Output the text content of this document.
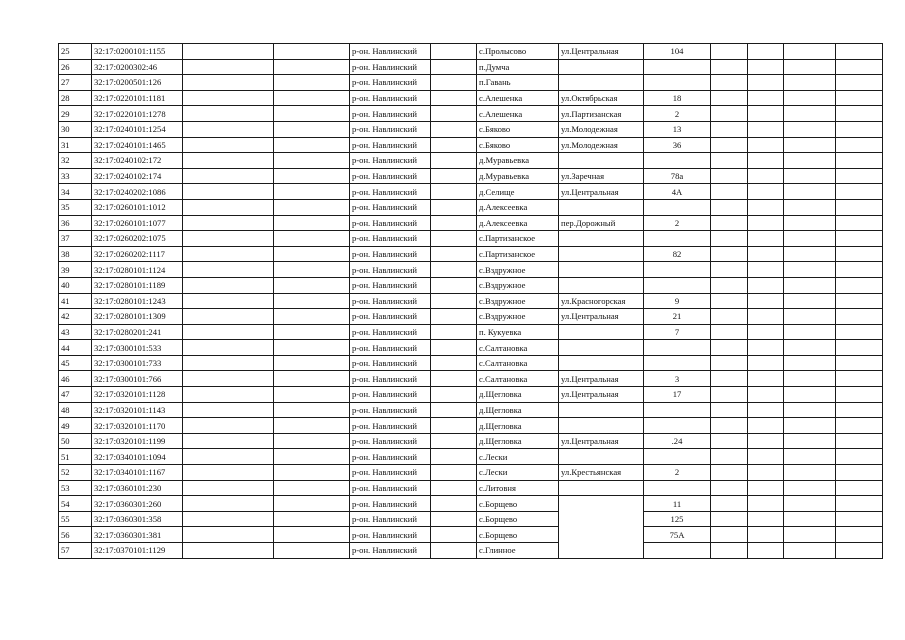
25	32:17:0200101:1155			р-он. Навлинский		с.Пролысово	ул.Центральная	104				
26	32:17:0200302:46			р-он. Навлинский		п.Думча						
27	32:17:0200501:126			р-он. Навлинский		п.Гавань						
28	32:17:0220101:1181			р-он. Навлинский		с.Алешенка	ул.Октябрьская	18				
29	32:17:0220101:1278			р-он. Навлинский		с.Алешенка	ул.Партизанская	2				
30	32:17:0240101:1254			р-он. Навлинский		с.Бяково	ул.Молодежная	13				
31	32:17:0240101:1465			р-он. Навлинский		с.Бяково	ул.Молодежная	36				
32	32:17:0240102:172			р-он. Навлинский		д.Муравьевка						
33	32:17:0240102:174			р-он. Навлинский		д.Муравьевка	ул.Заречная	78а				
34	32:17:0240202:1086			р-он. Навлинский		д.Селище	ул.Центральная	4А				
35	32:17:0260101:1012			р-он. Навлинский		д.Алексеевка						
36	32:17:0260101:1077			р-он. Навлинский		д.Алексеевка	пер.Дорожный	2				
37	32:17:0260202:1075			р-он. Навлинский		с.Партизанское						
38	32:17:0260202:1117			р-он. Навлинский		с.Партизанское		82				
39	32:17:0280101:1124			р-он. Навлинский		с.Вздружное						
40	32:17:0280101:1189			р-он. Навлинский		с.Вздружное						
41	32:17:0280101:1243			р-он. Навлинский		с.Вздружное	ул.Красногорская	9				
42	32:17:0280101:1309			р-он. Навлинский		с.Вздружное	ул.Центральная	21				
43	32:17:0280201:241			р-он. Навлинский		п. Кукуевка		7				
44	32:17:0300101:533			р-он. Навлинский		с.Салтановка						
45	32:17:0300101:733			р-он. Навлинский		с.Салтановка						
46	32:17:0300101:766			р-он. Навлинский		с.Салтановка	ул.Центральная	3				
47	32:17:0320101:1128			р-он. Навлинский		д.Щегловка	ул.Центральная	17				
48	32:17:0320101:1143			р-он. Навлинский		д.Щегловка						
49	32:17:0320101:1170			р-он. Навлинский		д.Щегловка						
50	32:17:0320101:1199			р-он. Навлинский		д.Щегловка	ул.Центральная	.24				
51	32:17:0340101:1094			р-он. Навлинский		с.Лески						
52	32:17:0340101:1167			р-он. Навлинский		с.Лески	ул.Крестьянская	2				
53	32:17:0360101:230			р-он. Навлинский		с.Литовня						
54	32:17:0360301:260			р-он. Навлинский		с.Борщево		11				
55	32:17:0360301:358			р-он. Навлинский		с.Борщево		125				
56	32:17:0360301:381			р-он. Навлинский		с.Борщево		75А				
57	32:17:0370101:1129			р-он. Навлинский		с.Глинное						
